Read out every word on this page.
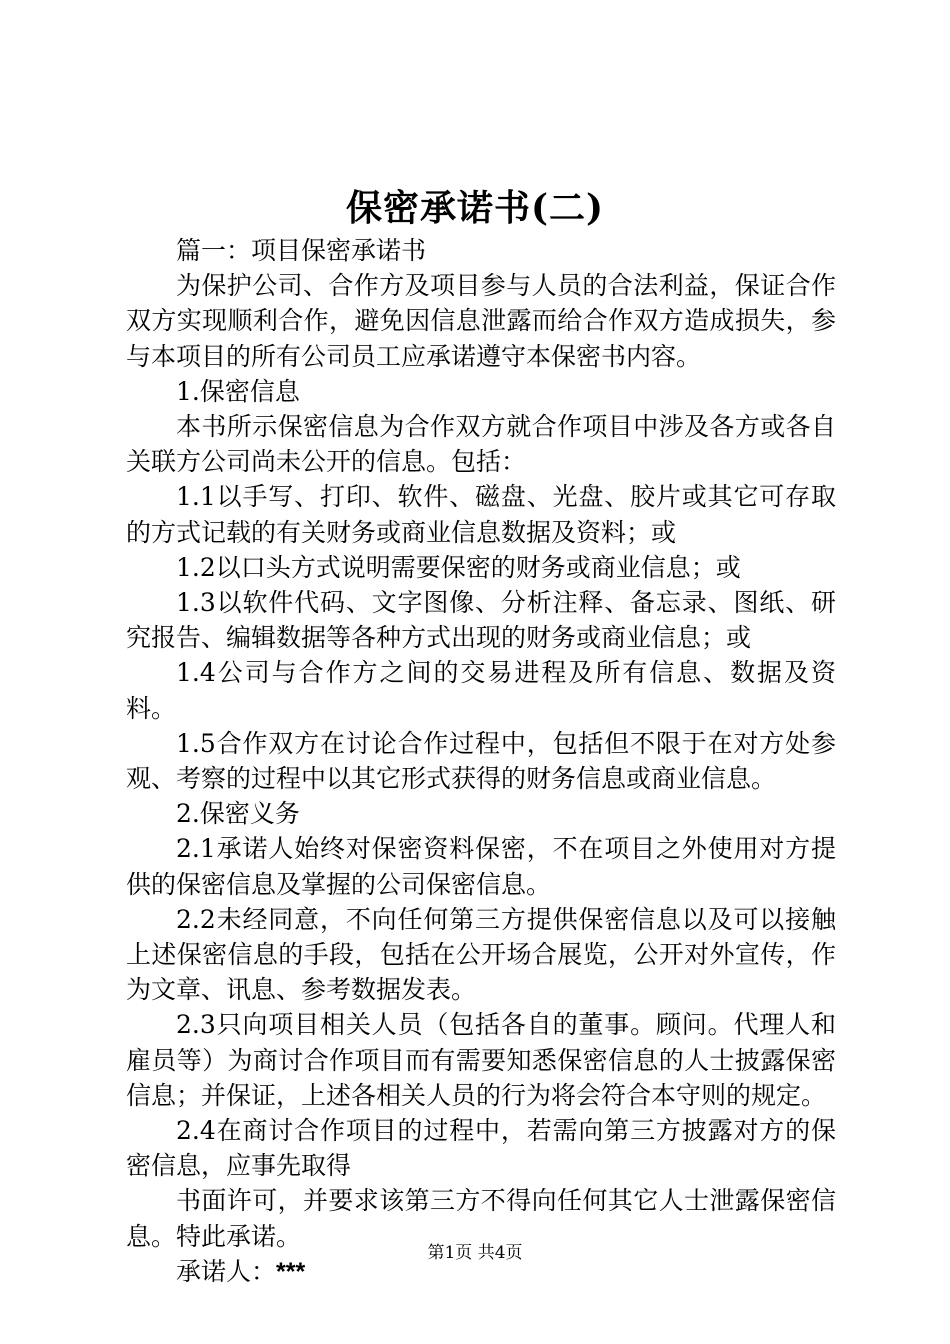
保密承诺书(二)

篇一：项目保密承诺书

为保护公司、合作方及项目参与人员的合法利益，保证合作双方实现顺利合作，避免因信息泄露而给合作双方造成损失，参与本项目的所有公司员工应承诺遵守本保密书内容。

1.保密信息

本书所示保密信息为合作双方就合作项目中涉及各方或各自关联方公司尚未公开的信息。包括：

1.1以手写、打印、软件、磁盘、光盘、胶片或其它可存取的方式记载的有关财务或商业信息数据及资料；或

1.2以口头方式说明需要保密的财务或商业信息；或

1.3以软件代码、文字图像、分析注释、备忘录、图纸、研究报告、编辑数据等各种方式出现的财务或商业信息；或

1.4公司与合作方之间的交易进程及所有信息、数据及资料。

1.5合作双方在讨论合作过程中，包括但不限于在对方处参观、考察的过程中以其它形式获得的财务信息或商业信息。

2.保密义务

2.1承诺人始终对保密资料保密，不在项目之外使用对方提供的保密信息及掌握的公司保密信息。

2.2未经同意，不向任何第三方提供保密信息以及可以接触上述保密信息的手段，包括在公开场合展览，公开对外宣传，作为文章、讯息、参考数据发表。

2.3只向项目相关人员（包括各自的董事。顾问。代理人和雇员等）为商讨合作项目而有需要知悉保密信息的人士披露保密信息；并保证，上述各相关人员的行为将会符合本守则的规定。

2.4在商讨合作项目的过程中，若需向第三方披露对方的保密信息，应事先取得

书面许可，并要求该第三方不得向任何其它人士泄露保密信息。特此承诺。

承诺人：***

第1页 共4页
